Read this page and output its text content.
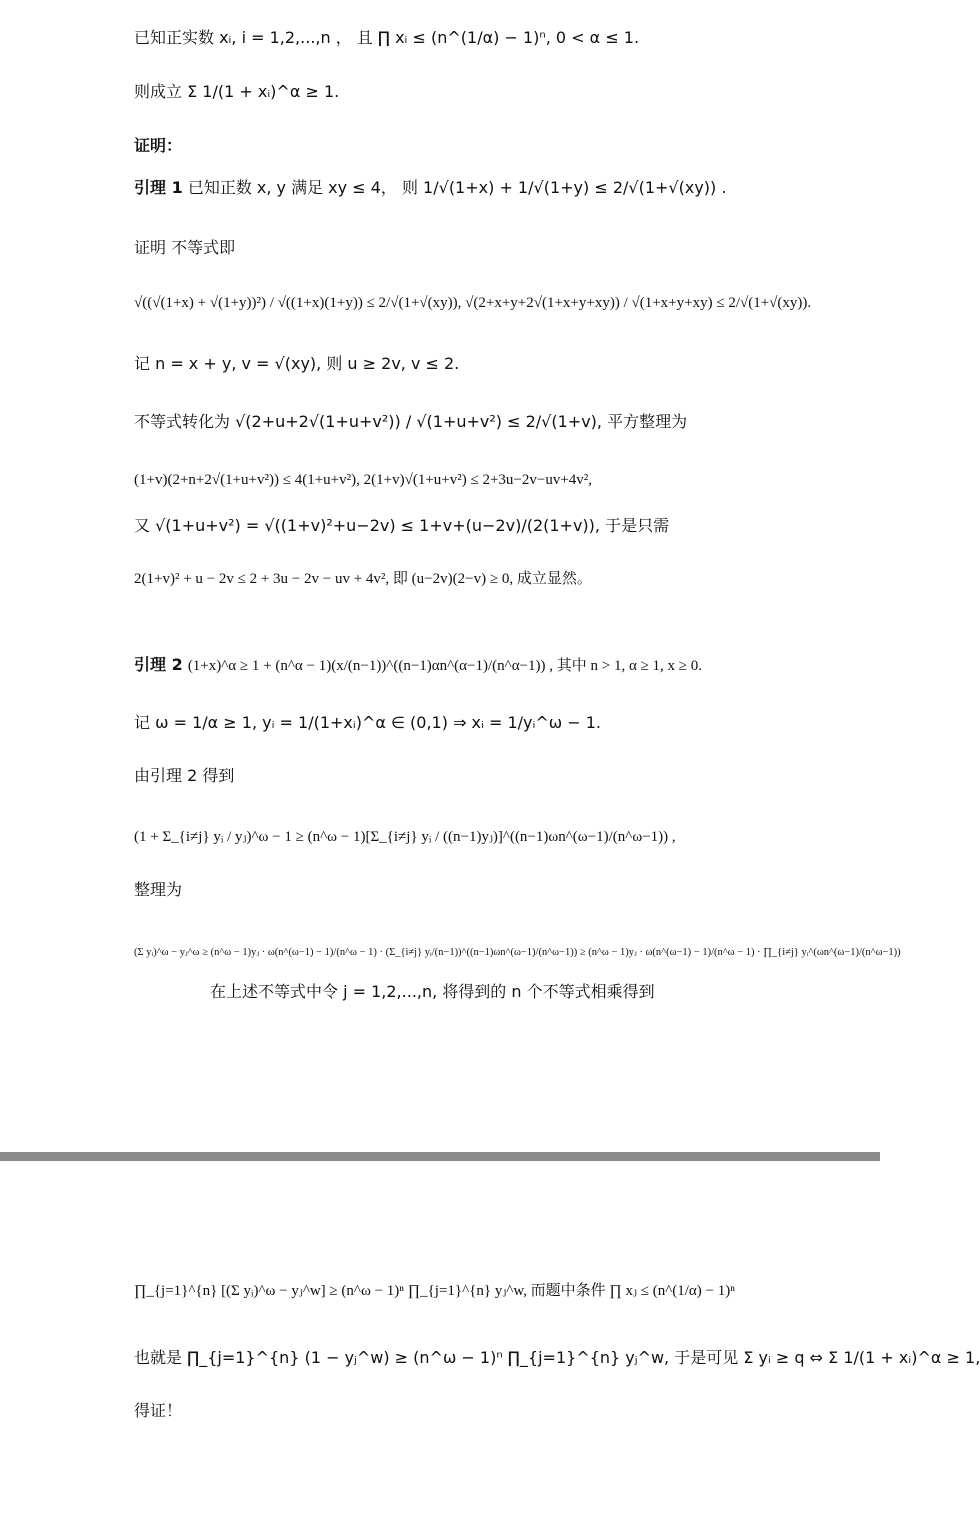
已知正实数 xᵢ, i = 1,2,...,n ， 且 ∏ xᵢ ≤ (n^(1/α) − 1)ⁿ, 0 < α ≤ 1.
则成立 Σ 1/(1 + xᵢ)^α ≥ 1.
证明：
引理 1 已知正数 x, y 满足 xy ≤ 4， 则 1/√(1+x) + 1/√(1+y) ≤ 2/√(1+√(xy)) .
证明 不等式即
√((√(1+x) + √(1+y))²) / √((1+x)(1+y)) ≤ 2/√(1+√(xy)), √(2+x+y+2√(1+x+y+xy)) / √(1+x+y+xy) ≤ 2/√(1+√(xy)).
记 n = x + y, v = √(xy), 则 u ≥ 2v, v ≤ 2.
不等式转化为 √(2+u+2√(1+u+v²)) / √(1+u+v²) ≤ 2/√(1+v), 平方整理为
(1+v)(2+n+2√(1+u+v²)) ≤ 4(1+u+v²), 2(1+v)√(1+u+v²) ≤ 2+3u−2v−uv+4v²,
又 √(1+u+v²) = √((1+v)²+u−2v) ≤ 1+v+(u−2v)/(2(1+v)), 于是只需
2(1+v)² + u − 2v ≤ 2 + 3u − 2v − uv + 4v², 即 (u−2v)(2−v) ≥ 0, 成立显然。
引理 2 (1+x)^α ≥ 1 + (n^α − 1)(x/(n−1))^((n−1)αn^(α−1)/(n^α−1)) , 其中 n > 1, α ≥ 1, x ≥ 0.
记 ω = 1/α ≥ 1, yᵢ = 1/(1+xᵢ)^α ∈ (0,1) ⇒ xᵢ = 1/yᵢ^ω − 1.
由引理 2 得到
(1 + Σ_{i≠j} yᵢ / yⱼ)^ω − 1 ≥ (n^ω − 1)[Σ_{i≠j} yᵢ / ((n−1)yⱼ)]^((n−1)ωn^(ω−1)/(n^ω−1)) ,
整理为
(Σ yᵢ)^ω − yⱼ^ω ≥ (n^ω − 1)yⱼ · ω(n^(ω−1) − 1)/(n^ω − 1) · (Σ_{i≠j} yᵢ/(n−1))^((n−1)ωn^(ω−1)/(n^ω−1)) ≥ (n^ω − 1)yⱼ · ω(n^(ω−1) − 1)/(n^ω − 1) · ∏_{i≠j} yᵢ^(ωn^(ω−1)/(n^ω−1))
在上述不等式中令 j = 1,2,...,n, 将得到的 n 个不等式相乘得到
∏_{j=1}^{n} [(Σ yᵢ)^ω − yⱼ^w] ≥ (n^ω − 1)ⁿ ∏_{j=1}^{n} yⱼ^w, 而题中条件 ∏ xⱼ ≤ (n^(1/α) − 1)ⁿ
也就是 ∏_{j=1}^{n} (1 − yⱼ^w) ≥ (n^ω − 1)ⁿ ∏_{j=1}^{n} yⱼ^w, 于是可见 Σ yᵢ ≥ q ⇔ Σ 1/(1 + xᵢ)^α ≥ 1,
得证！
